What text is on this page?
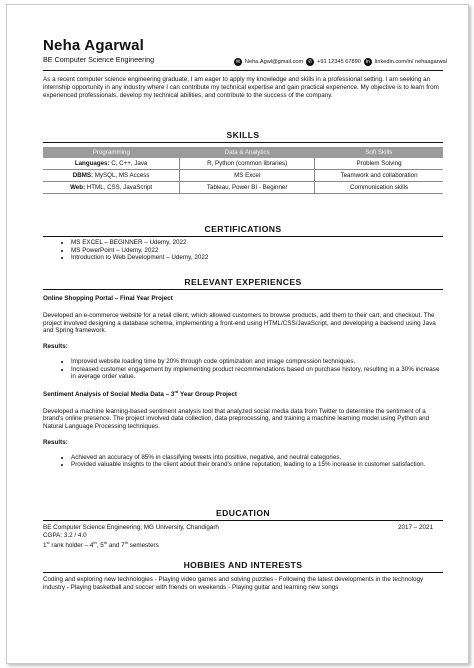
Neha Agarwal
BE Computer Science Engineering	✉ Neha.Agwl@gmail.com ✆ +91 12345 67890	in linkedin.com/in/ nehaagarwal
As a recent computer science engineering graduate, I am eager to apply my knowledge and skills in a professional setting. I am seeking an internship opportunity in any industry where I can contribute my technical expertise and gain practical experience. My objective is to learn from experienced professionals, develop my technical abilities, and contribute to the success of the company.
SKILLS
Programming	Data & Analytics	Soft Skills
Languages: C, C++, Java	R, Python (common libraries)	Problem Solving
DBMS: MySQL, MS Access	MS Excel	Teamwork and collaboration
Web: HTML, CSS, JavaScript	Tableau, Power BI - Beginner	Communication skills
CERTIFICATIONS
• MS EXCEL – BEGINNER – Udemy, 2022
• MS PowerPoint – Udemy, 2022
• Introduction to Web Development – Udemy, 2022
RELEVANT EXPERIENCES
Online Shopping Portal – Final Year Project
Developed an e-commerce website for a retail client, which allowed customers to browse products, add them to their cart, and checkout. The project involved designing a database schema, implementing a front-end using HTML/CSS/JavaScript, and developing a backend using Java and Spring framework.
Results:
• Improved website loading time by 20% through code optimization and image compression techniques.
• Increased customer engagement by implementing product recommendations based on purchase history, resulting in a 30% increase in average order value.
Sentiment Analysis of Social Media Data – 3rd Year Group Project
Developed a machine learning-based sentiment analysis tool that analyzed social media data from Twitter to determine the sentiment of a brand's online presence. The project involved data collection, data preprocessing, and training a machine learning model using Python and Natural Language Processing techniques.
Results:
• Achieved an accuracy of 85% in classifying tweets into positive, negative, and neutral categories.
• Provided valuable insights to the client about their brand's online reputation, leading to a 15% increase in customer satisfaction.
EDUCATION
BE Computer Science Engineering, MG University, Chandigarh	2017 – 2021
CGPA: 3.2 / 4.0
1st rank holder – 4th, 5th and 7th semesters
HOBBIES AND INTERESTS
Coding and exploring new technologies - Playing video games and solving puzzles - Following the latest developments in the technology industry - Playing basketball and soccer with friends on weekends - Playing guitar and learning new songs
